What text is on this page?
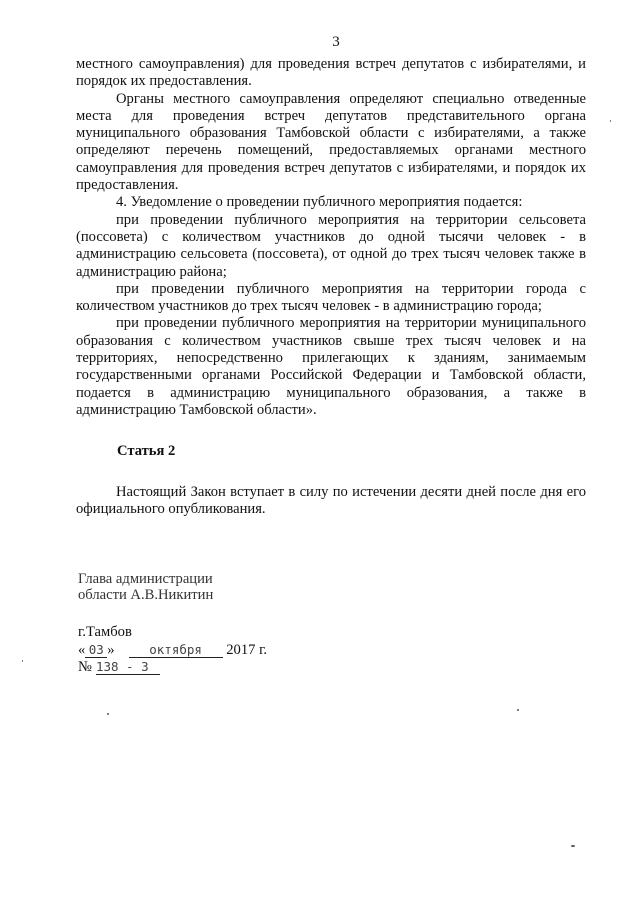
3

местного самоуправления) для проведения встреч депутатов с избирателями, и порядок их предоставления.

Органы местного самоуправления определяют специально отведенные места для проведения встреч депутатов представительного органа муниципального образования Тамбовской области с избирателями, а также определяют перечень помещений, предоставляемых органами местного самоуправления для проведения встреч депутатов с избирателями, и порядок их предоставления.

4. Уведомление о проведении публичного мероприятия подается:

при проведении публичного мероприятия на территории сельсовета (поссовета) с количеством участников до одной тысячи человек - в администрацию сельсовета (поссовета), от одной до трех тысяч человек также в администрацию района;

при проведении публичного мероприятия на территории города с количеством участников до трех тысяч человек - в администрацию города;

при проведении публичного мероприятия на территории муниципального образования с количеством участников свыше трех тысяч человек и на территориях, непосредственно прилегающих к зданиям, занимаемым государственными органами Российской Федерации и Тамбовской области, подается в администрацию муниципального образования, а также в администрацию Тамбовской области».

Статья 2

Настоящий Закон вступает в силу по истечении десяти дней после дня его официального опубликования.

Глава администрации
области А.В.Никитин
г.Тамбов
« 03 »	октября 2017 г.
№ 138 - З
